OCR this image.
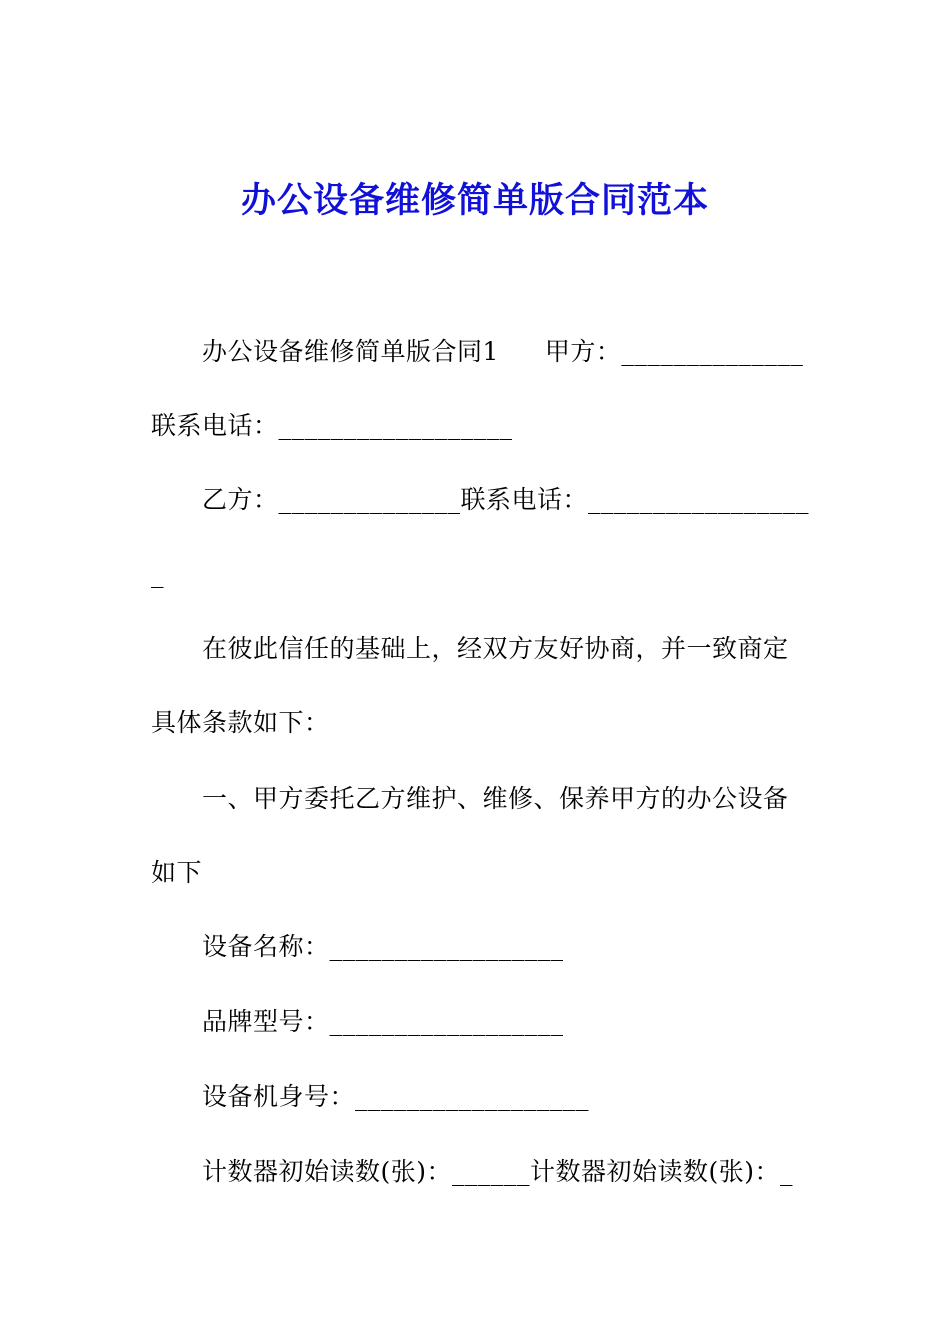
办公设备维修简单版合同范本
办公设备维修简单版合同1 甲方：______________
联系电话：__________________
乙方：______________联系电话：_________________
_
在彼此信任的基础上，经双方友好协商，并一致商定
具体条款如下：
一、甲方委托乙方维护、维修、保养甲方的办公设备
如下
设备名称：__________________
品牌型号：__________________
设备机身号：__________________
计数器初始读数(张)：______计数器初始读数(张)：_
